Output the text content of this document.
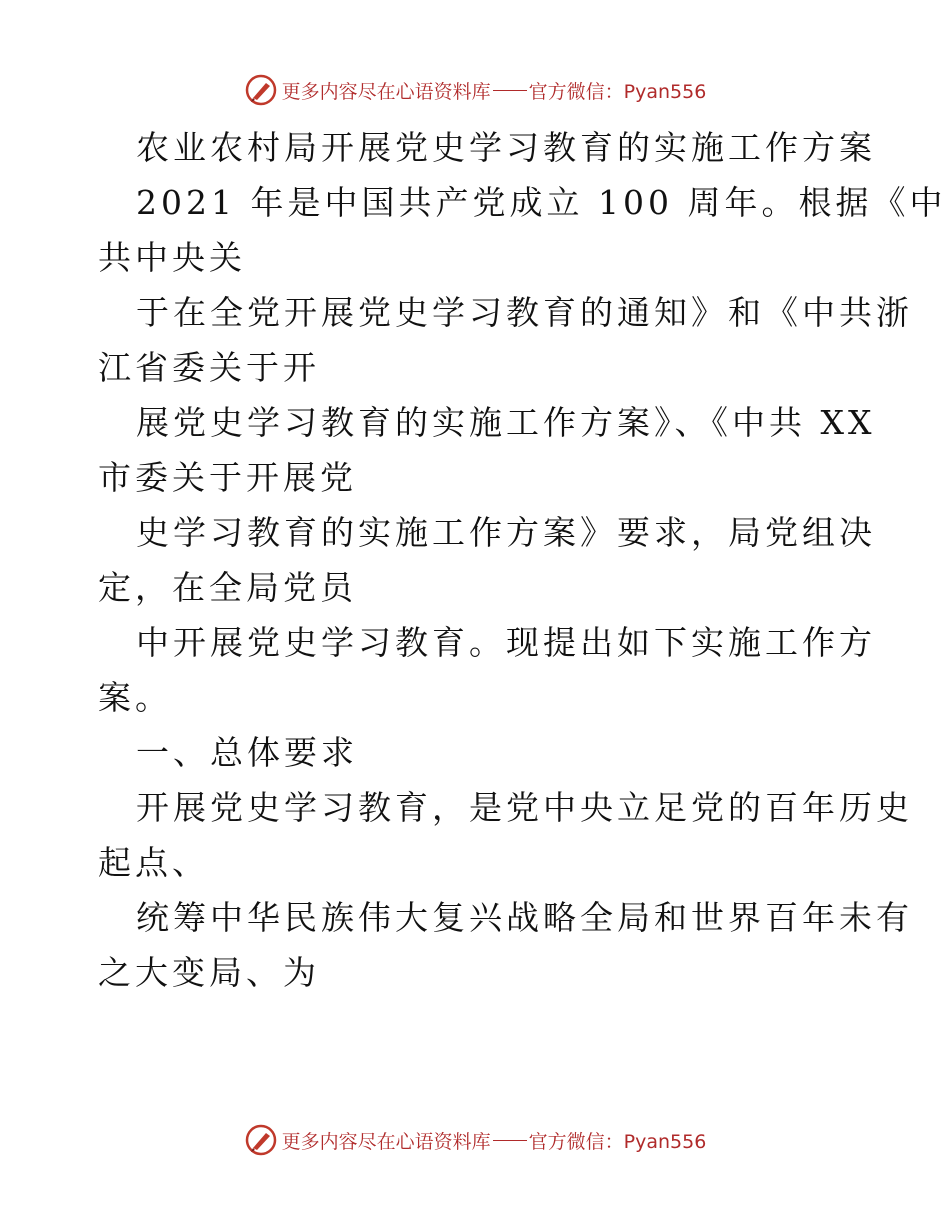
更多内容尽在心语资料库 官方微信：Pyan556
农业农村局开展党史学习教育的实施工作方案
2021 年是中国共产党成立 100 周年。根据《中
共中央关
于在全党开展党史学习教育的通知》和《中共浙
江省委关于开
展党史学习教育的实施工作方案》、《中共 XX
市委关于开展党
史学习教育的实施工作方案》要求，局党组决
定，在全局党员
中开展党史学习教育。现提出如下实施工作方
案。
一、总体要求
开展党史学习教育，是党中央立足党的百年历史
起点、
统筹中华民族伟大复兴战略全局和世界百年未有
之大变局、为
更多内容尽在心语资料库 官方微信：Pyan556
